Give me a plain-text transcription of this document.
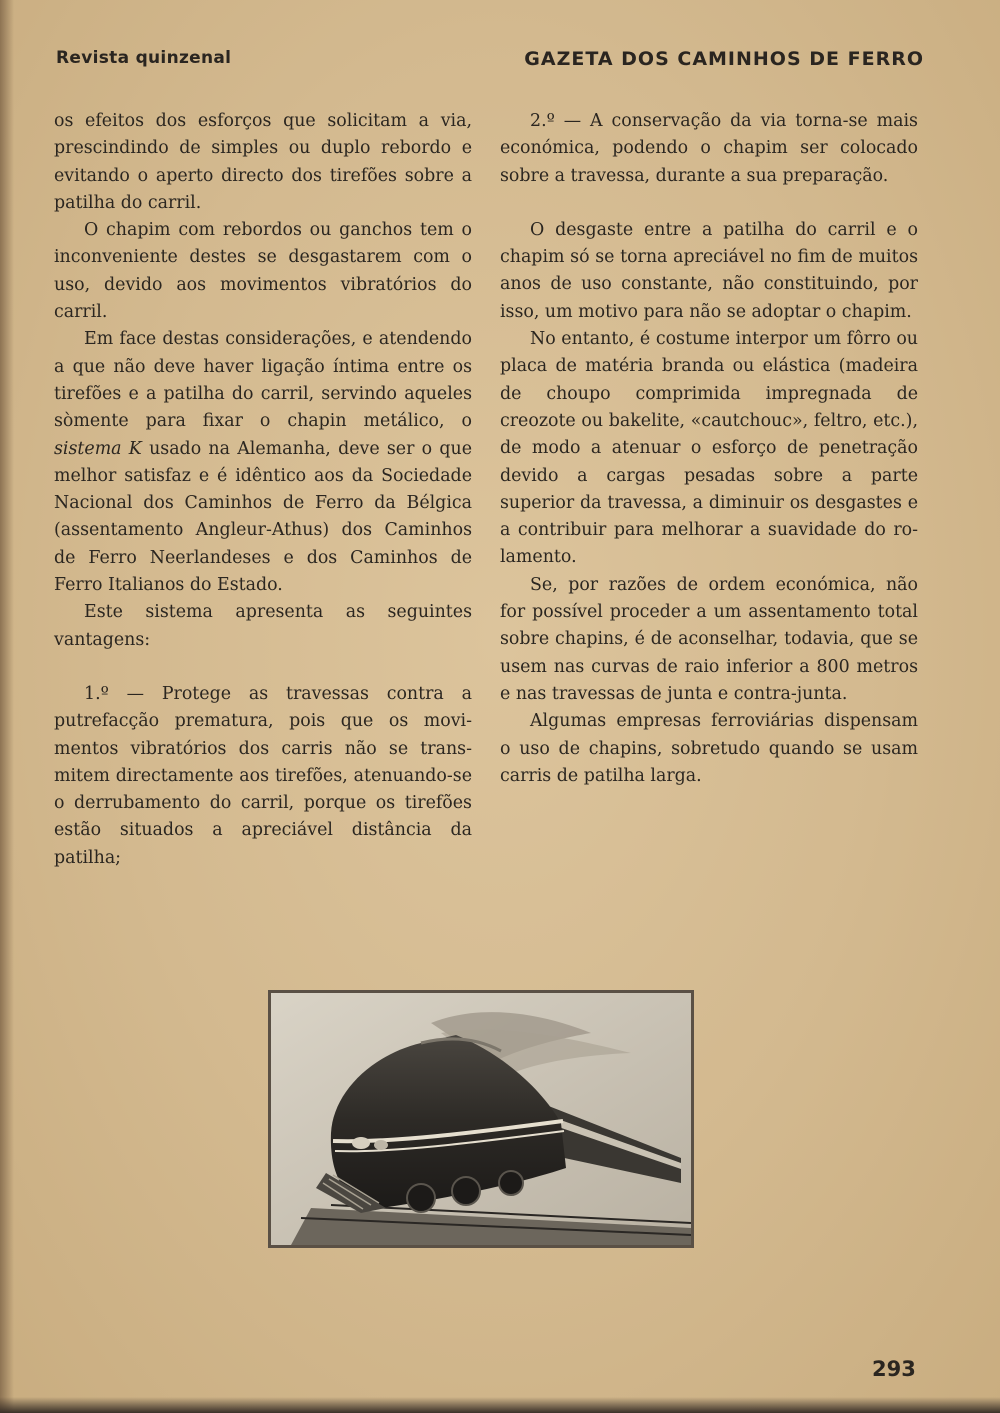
Revista quinzenal	GAZETA DOS CAMINHOS DE FERRO

os efeitos dos esforços que solicitam a via, prescindindo de simples ou duplo rebordo e evitando o aperto directo dos tirefões sobre a patilha do carril.

O chapim com rebordos ou ganchos tem o inconveniente destes se desgastarem com o uso, devido aos movimentos vibratórios do carril.

Em face destas considerações, e atendendo a que não deve haver ligação íntima entre os tirefões e a patilha do carril, servindo aqueles sòmente para fixar o chapin metálico, o sistema K usado na Alemanha, deve ser o que melhor satisfaz e é idêntico aos da Sociedade Nacional dos Caminhos de Ferro da Bélgica (assentamento Angleur-Athus) dos Caminhos de Ferro Neerlandeses e dos Caminhos de Ferro Italianos do Estado.

Este sistema apresenta as seguintes vantagens:

1.º — Protege as travessas contra a putrefacção prematura, pois que os movimentos vibratórios dos carris não se transmitem directamente aos tirefões, atenuando-se o derrubamento do carril, porque os tirefões estão situados a apreciável distância da patilha;

2.º — A conservação da via torna-se mais económica, podendo o chapim ser colocado sobre a travessa, durante a sua preparação.

O desgaste entre a patilha do carril e o chapim só se torna apreciável no fim de muitos anos de uso constante, não constituindo, por isso, um motivo para não se adoptar o chapim.

No entanto, é costume interpor um fôrro ou placa de matéria branda ou elástica (madeira de choupo comprimida impregnada de creozote ou bakelite, «cautchouc», feltro, etc.), de modo a atenuar o esforço de penetração devido a cargas pesadas sobre a parte superior da travessa, a diminuir os desgastes e a contribuir para melhorar a suavidade do rolamento.

Se, por razões de ordem económica, não for possível proceder a um assentamento total sobre chapins, é de aconselhar, todavia, que se usem nas curvas de raio inferior a 800 metros e nas travessas de junta e contra-junta.

Algumas empresas ferroviárias dispensam o uso de chapins, sobretudo quando se usam carris de patilha larga.

293
